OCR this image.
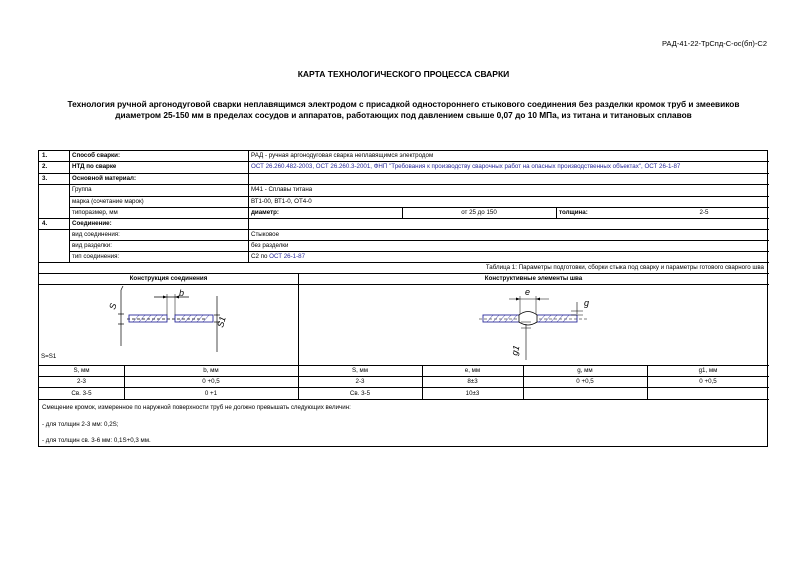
РАД-41-22-ТрСпд-С-ос(бп)-С2
КАРТА ТЕХНОЛОГИЧЕСКОГО ПРОЦЕССА СВАРКИ
Технология ручной аргонодуговой сварки неплавящимся электродом с присадкой одностороннего стыкового соединения без разделки кромок труб и змеевиков
диаметром 25-150 мм в пределах сосудов и аппаратов, работающих под давлением свыше 0,07 до 10 МПа, из титана и титановых сплавов
1.	Способ сварки:	РАД - ручная аргонодуговая сварка неплавящимся электродом
2.	НТД по сварке	ОСТ 26.260.482-2003, ОСТ 26.260.3-2001, ФНП "Требования к производству сварочных работ на опасных производственных объектах", ОСТ 26-1-87
3.	Основной материал:
Группа	М41 - Сплавы титана
марка (сочетание марок)	ВТ1-00, ВТ1-0, ОТ4-0
типоразмер, мм	диаметр:	от 25 до 150	толщина:	2-5
4.	Соединение:
вид соединения:	Стыковое
вид разделки:	без разделки
тип соединения:	С2 по ОСТ 26-1-87
Таблица 1: Параметры подготовки, сборки стыка под сварку и параметры готового сварного шва
Конструкция соединения	Конструктивные элементы шва
S
b
S1
S=S1
e
g
g1
S, мм	b, мм	S, мм	e, мм	g, мм	g1, мм
2-3	0 +0,5	2-3	8±3	0 +0,5	0 +0,5
Св. 3-5	0 +1	Св. 3-5	10±3
Смещение кромок, измеренное по наружной поверхности труб не должно превышать следующих величин:
- для толщин 2-3 мм: 0,2S;
- для толщин св. 3-6 мм: 0,1S+0,3 мм.
